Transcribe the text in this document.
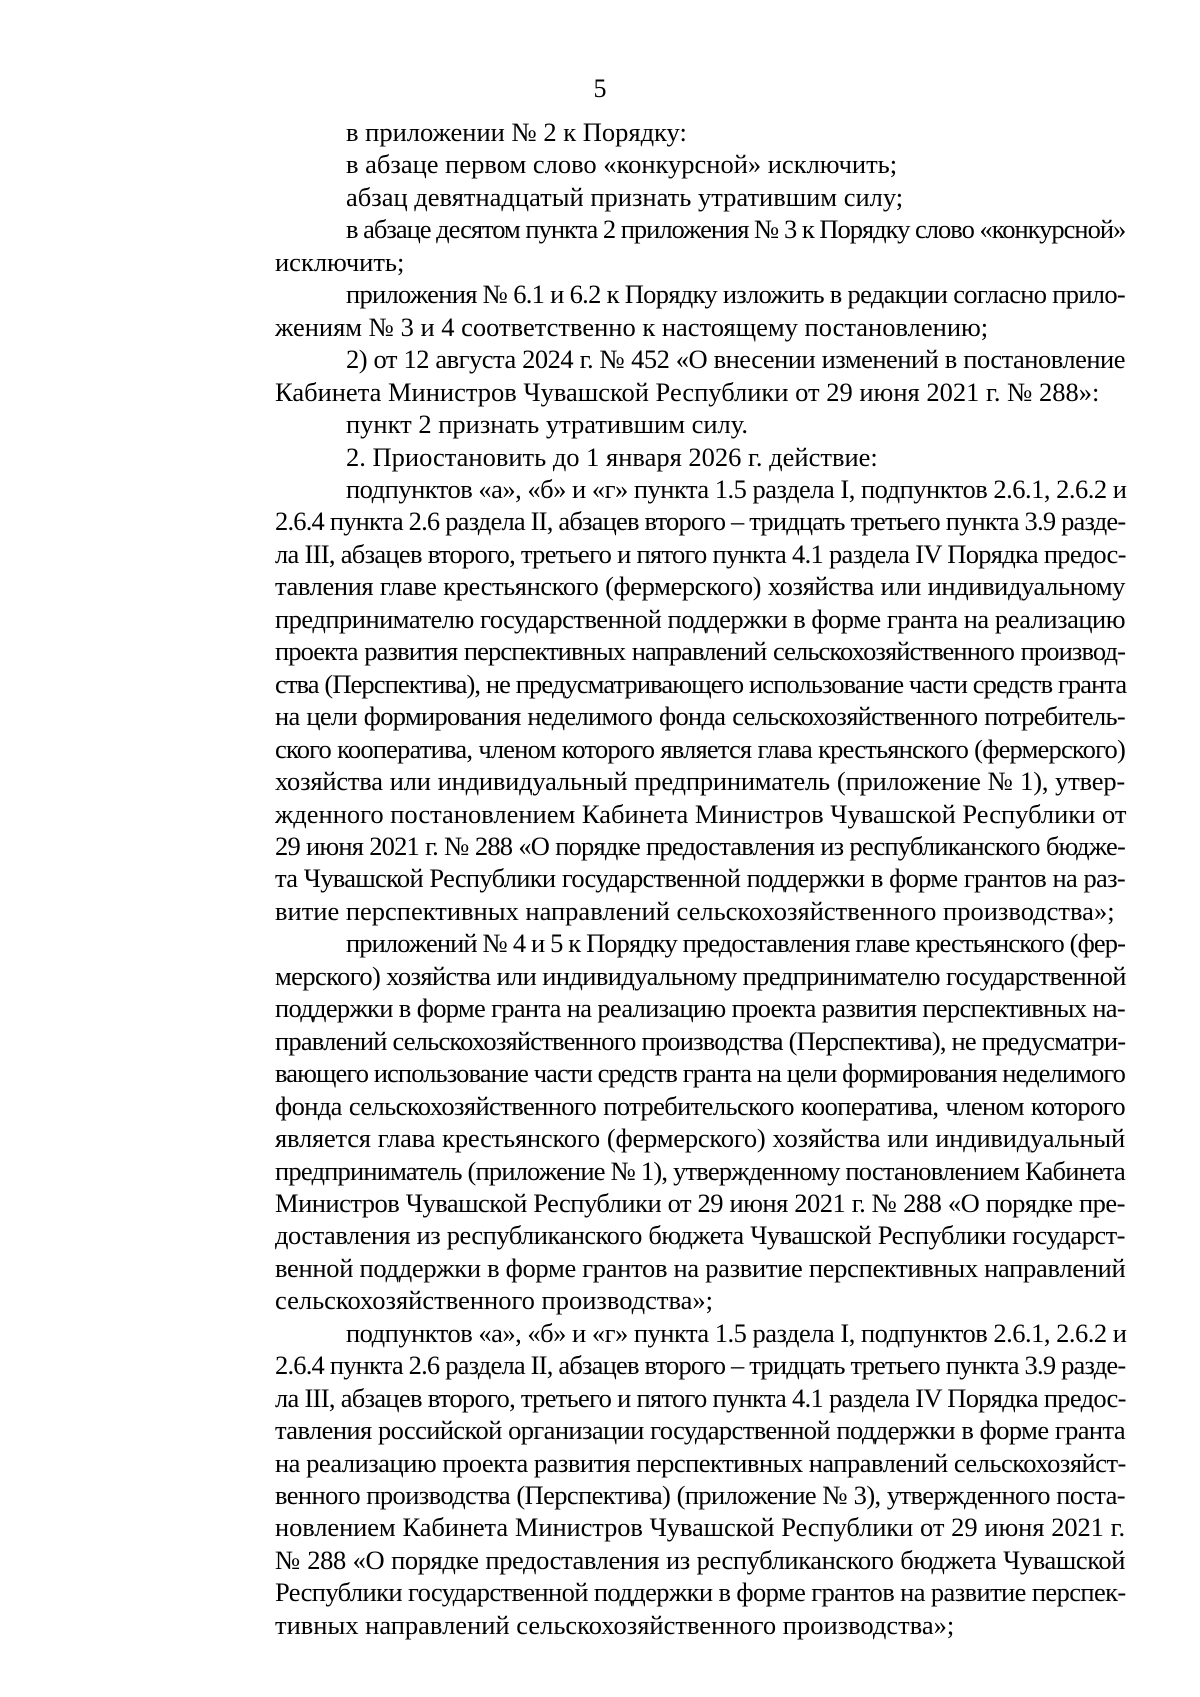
5

в приложении № 2 к Порядку:

в абзаце первом слово «конкурсной» исключить;

абзац девятнадцатый признать утратившим силу;

в абзаце десятом пункта 2 приложения № 3 к Порядку слово «конкурсной»
исключить;

приложения № 6.1 и 6.2 к Порядку изложить в редакции согласно прило-
жениям № 3 и 4 соответственно к настоящему постановлению;

2) от 12 августа 2024 г. № 452 «О внесении изменений в постановление
Кабинета Министров Чувашской Республики от 29 июня 2021 г. № 288»:

пункт 2 признать утратившим силу.

2. Приостановить до 1 января 2026 г. действие:

подпунктов «а», «б» и «г» пункта 1.5 раздела I, подпунктов 2.6.1, 2.6.2 и
2.6.4 пункта 2.6 раздела II, абзацев второго – тридцать третьего пункта 3.9 разде-
ла III, абзацев второго, третьего и пятого пункта 4.1 раздела IV Порядка предос-
тавления главе крестьянского (фермерского) хозяйства или индивидуальному
предпринимателю государственной поддержки в форме гранта на реализацию
проекта развития перспективных направлений сельскохозяйственного производ-
ства (Перспектива), не предусматривающего использование части средств гранта
на цели формирования неделимого фонда сельскохозяйственного потребитель-
ского кооператива, членом которого является глава крестьянского (фермерского)
хозяйства или индивидуальный предприниматель (приложение № 1), утвер-
жденного постановлением Кабинета Министров Чувашской Республики от
29 июня 2021 г. № 288 «О порядке предоставления из республиканского бюдже-
та Чувашской Республики государственной поддержки в форме грантов на раз-
витие перспективных направлений сельскохозяйственного производства»;

приложений № 4 и 5 к Порядку предоставления главе крестьянского (фер-
мерского) хозяйства или индивидуальному предпринимателю государственной
поддержки в форме гранта на реализацию проекта развития перспективных на-
правлений сельскохозяйственного производства (Перспектива), не предусматри-
вающего использование части средств гранта на цели формирования неделимого
фонда сельскохозяйственного потребительского кооператива, членом которого
является глава крестьянского (фермерского) хозяйства или индивидуальный
предприниматель (приложение № 1), утвержденному постановлением Кабинета
Министров Чувашской Республики от 29 июня 2021 г. № 288 «О порядке пре-
доставления из республиканского бюджета Чувашской Республики государст-
венной поддержки в форме грантов на развитие перспективных направлений
сельскохозяйственного производства»;

подпунктов «а», «б» и «г» пункта 1.5 раздела I, подпунктов 2.6.1, 2.6.2 и
2.6.4 пункта 2.6 раздела II, абзацев второго – тридцать третьего пункта 3.9 разде-
ла III, абзацев второго, третьего и пятого пункта 4.1 раздела IV Порядка предос-
тавления российской организации государственной поддержки в форме гранта
на реализацию проекта развития перспективных направлений сельскохозяйст-
венного производства (Перспектива) (приложение № 3), утвержденного поста-
новлением Кабинета Министров Чувашской Республики от 29 июня 2021 г.
№ 288 «О порядке предоставления из республиканского бюджета Чувашской
Республики государственной поддержки в форме грантов на развитие перспек-
тивных направлений сельскохозяйственного производства»;
